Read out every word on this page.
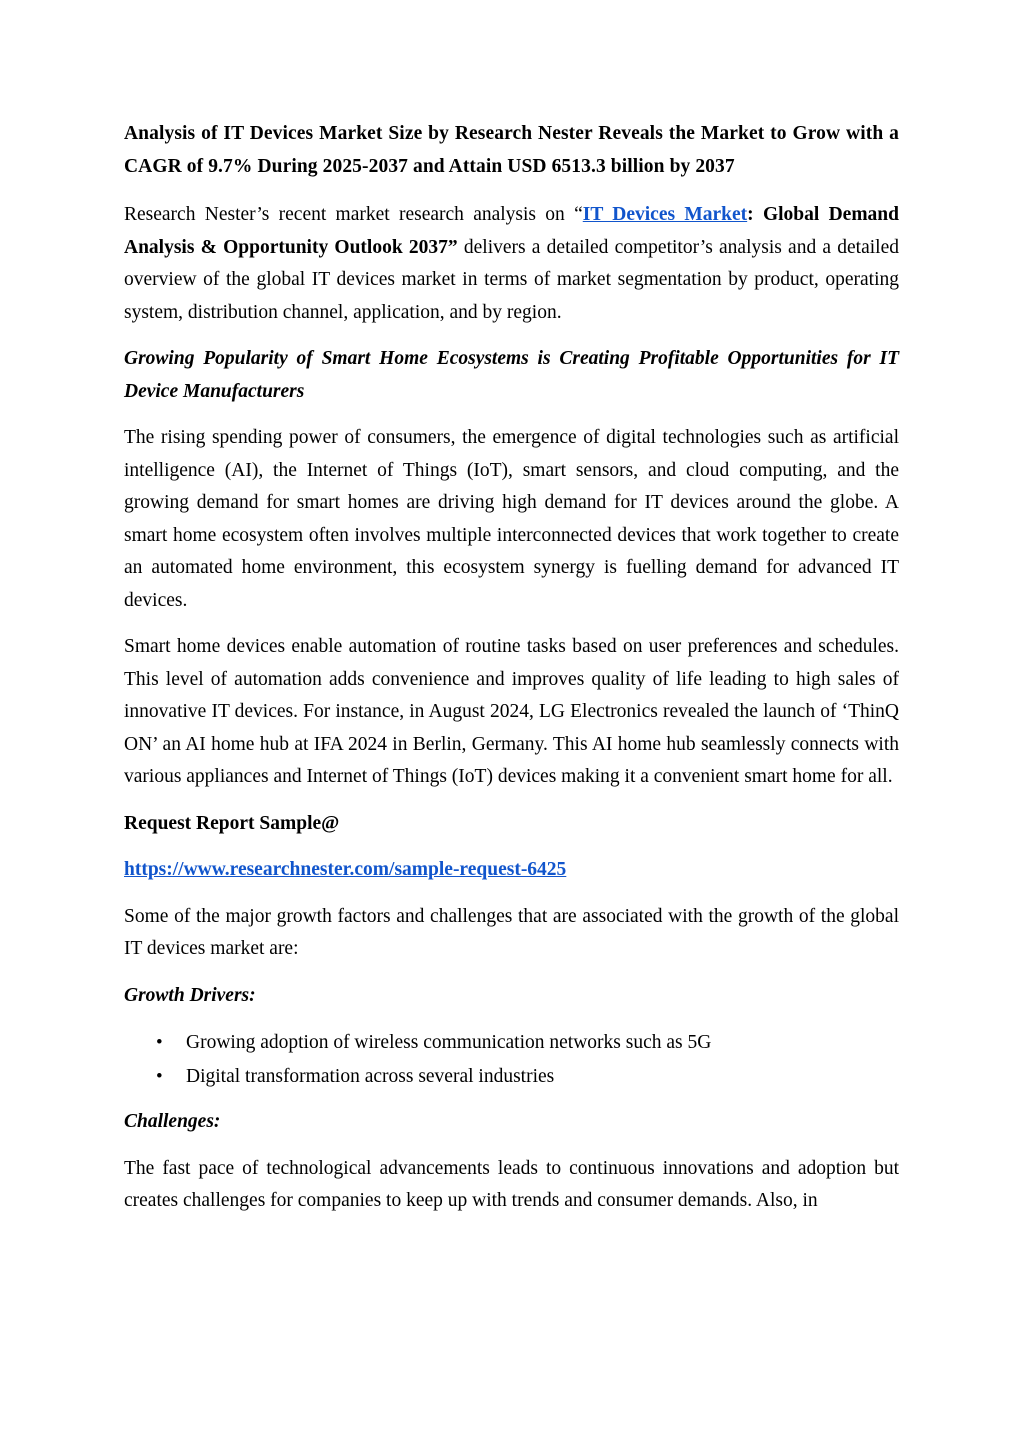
Analysis of IT Devices Market Size by Research Nester Reveals the Market to Grow with a CAGR of 9.7% During 2025-2037 and Attain USD 6513.3 billion by 2037

Research Nester’s recent market research analysis on “IT Devices Market: Global Demand Analysis & Opportunity Outlook 2037” delivers a detailed competitor’s analysis and a detailed overview of the global IT devices market in terms of market segmentation by product, operating system, distribution channel, application, and by region.

Growing Popularity of Smart Home Ecosystems is Creating Profitable Opportunities for IT Device Manufacturers

The rising spending power of consumers, the emergence of digital technologies such as artificial intelligence (AI), the Internet of Things (IoT), smart sensors, and cloud computing, and the growing demand for smart homes are driving high demand for IT devices around the globe. A smart home ecosystem often involves multiple interconnected devices that work together to create an automated home environment, this ecosystem synergy is fuelling demand for advanced IT devices.

Smart home devices enable automation of routine tasks based on user preferences and schedules. This level of automation adds convenience and improves quality of life leading to high sales of innovative IT devices. For instance, in August 2024, LG Electronics revealed the launch of ‘ThinQ ON’ an AI home hub at IFA 2024 in Berlin, Germany. This AI home hub seamlessly connects with various appliances and Internet of Things (IoT) devices making it a convenient smart home for all.

Request Report Sample@

https://www.researchnester.com/sample-request-6425

Some of the major growth factors and challenges that are associated with the growth of the global IT devices market are:

Growth Drivers:

• Growing adoption of wireless communication networks such as 5G
• Digital transformation across several industries

Challenges:

The fast pace of technological advancements leads to continuous innovations and adoption but creates challenges for companies to keep up with trends and consumer demands. Also, in
